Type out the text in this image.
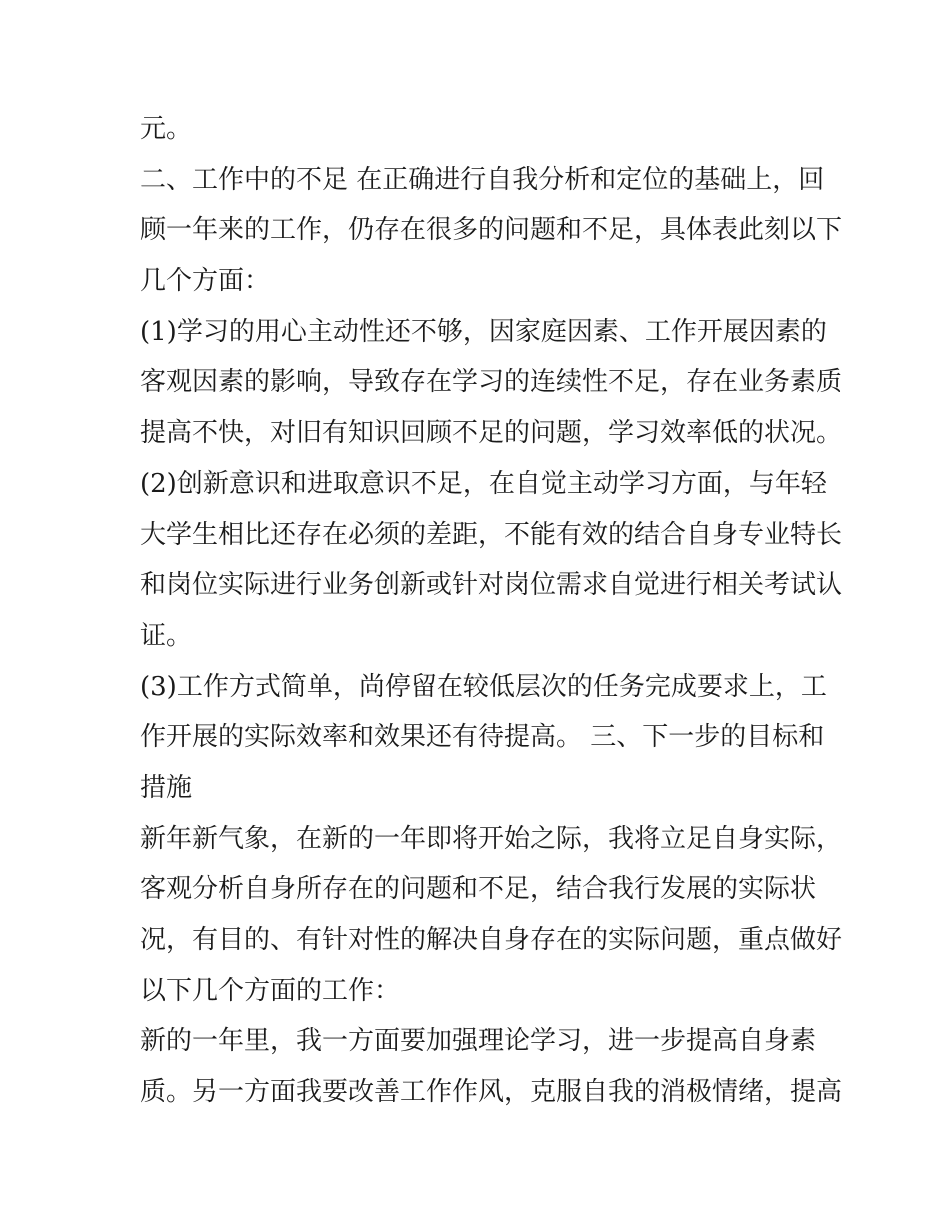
元。
二、工作中的不足 在正确进行自我分析和定位的基础上，回
顾一年来的工作，仍存在很多的问题和不足，具体表此刻以下
几个方面：
(1)学习的用心主动性还不够，因家庭因素、工作开展因素的
客观因素的影响，导致存在学习的连续性不足，存在业务素质
提高不快，对旧有知识回顾不足的问题，学习效率低的状况。
(2)创新意识和进取意识不足，在自觉主动学习方面，与年轻
大学生相比还存在必须的差距，不能有效的结合自身专业特长
和岗位实际进行业务创新或针对岗位需求自觉进行相关考试认
证。
(3)工作方式简单，尚停留在较低层次的任务完成要求上，工
作开展的实际效率和效果还有待提高。 三、下一步的目标和
措施
新年新气象，在新的一年即将开始之际，我将立足自身实际，
客观分析自身所存在的问题和不足，结合我行发展的实际状
况，有目的、有针对性的解决自身存在的实际问题，重点做好
以下几个方面的工作：
新的一年里，我一方面要加强理论学习，进一步提高自身素
质。另一方面我要改善工作作风，克服自我的消极情绪，提高
